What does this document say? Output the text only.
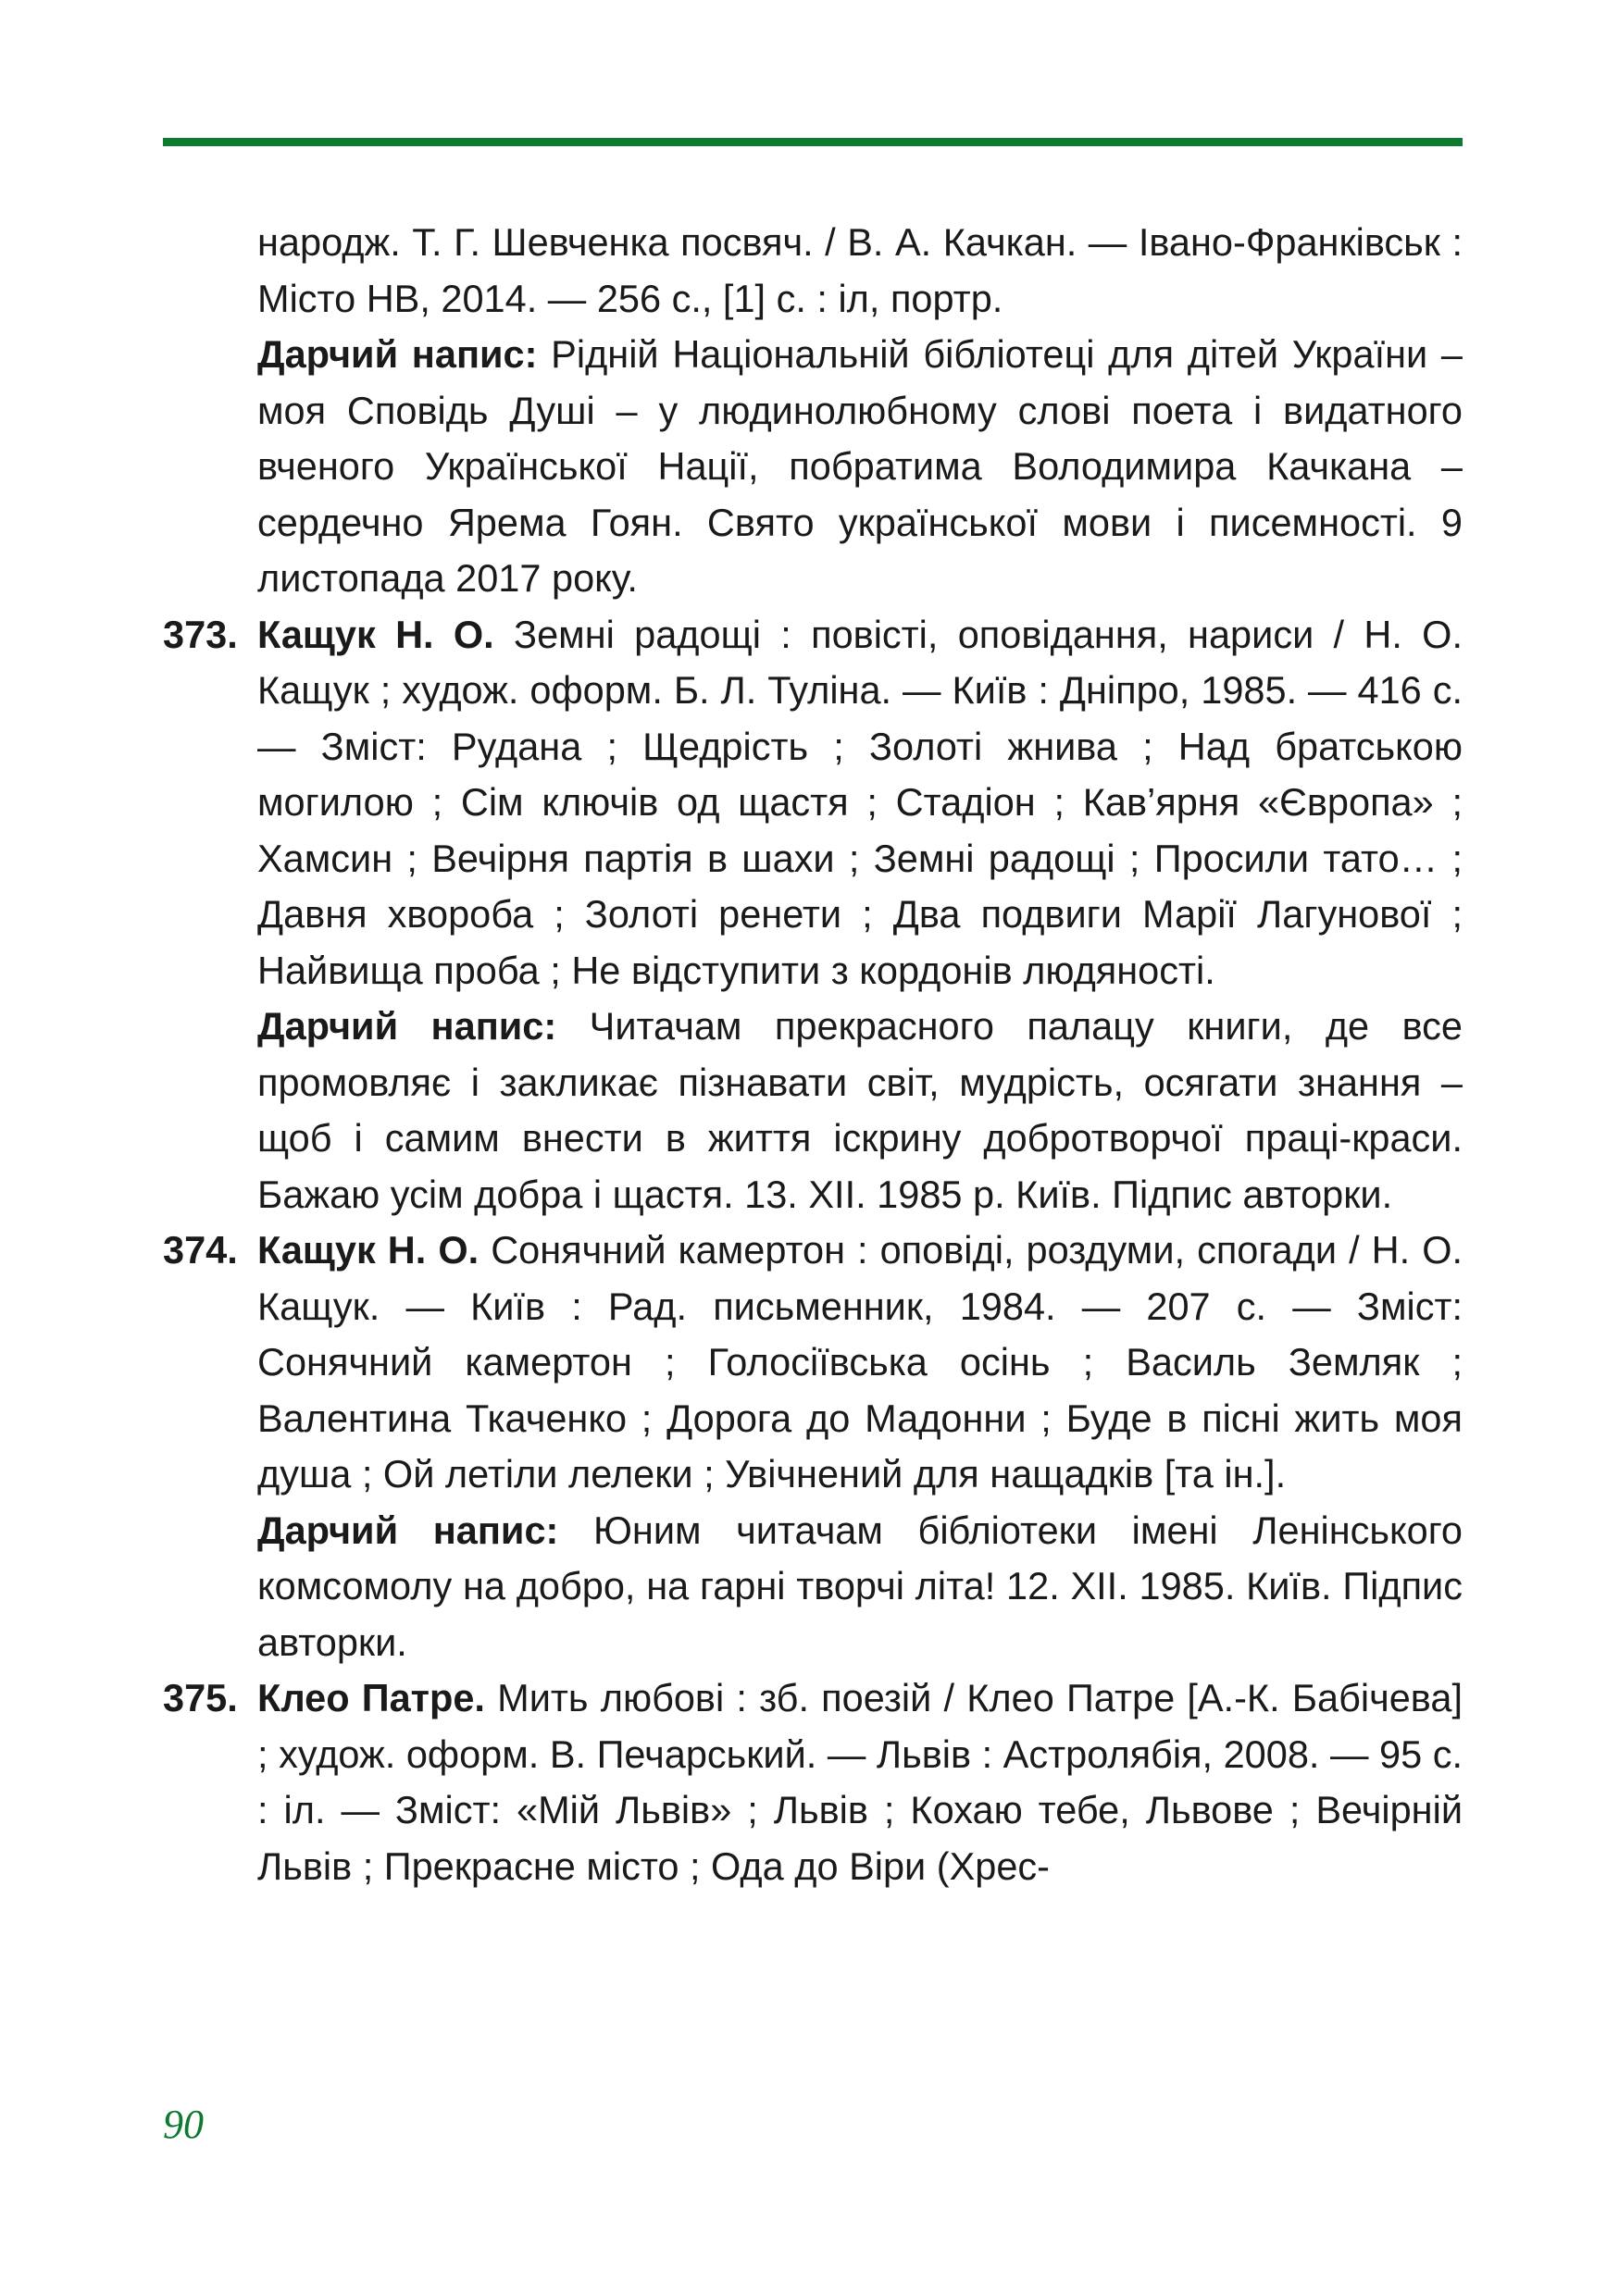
народж. Т. Г. Шевченка посвяч. / В. А. Качкан. — Івано-Франківськ : Місто НВ, 2014. — 256 с., [1] с. : іл, портр.

Дарчий напис: Рідній Національній бібліотеці для дітей України – моя Сповідь Душі – у людинолюбному слові поета і видатного вченого Української Нації, побратима Володимира Качкана – сердечно Ярема Гоян. Свято української мови і писемності. 9 листопада 2017 року.

373. Кащук Н. О. Земні радощі : повісті, оповідання, нариси / Н. О. Кащук ; худож. оформ. Б. Л. Туліна. — Київ : Дніпро, 1985. — 416 с. — Зміст: Рудана ; Щедрість ; Золоті жнива ; Над братською могилою ; Сім ключів од щастя ; Стадіон ; Кав’ярня «Європа» ; Хамсин ; Вечірня партія в шахи ; Земні радощі ; Просили тато… ; Давня хвороба ; Золоті ренети ; Два подвиги Марії Лагунової ; Найвища проба ; Не відступити з кордонів людяності.

Дарчий напис: Читачам прекрасного палацу книги, де все промовляє і закликає пізнавати світ, мудрість, осягати знання – щоб і самим внести в життя іскрину добротворчої праці-краси. Бажаю усім добра і щастя. 13. ХІІ. 1985 р. Київ. Підпис авторки.

374. Кащук Н. О. Сонячний камертон : оповіді, роздуми, спогади / Н. О. Кащук. — Київ : Рад. письменник, 1984. — 207 с. — Зміст: Сонячний камертон ; Голосіївська осінь ; Василь Земляк ; Валентина Ткаченко ; Дорога до Мадонни ; Буде в пісні жить моя душа ; Ой летіли лелеки ; Увічнений для нащадків [та ін.].

Дарчий напис: Юним читачам бібліотеки імені Ленінського комсомолу на добро, на гарні творчі літа! 12. ХІІ. 1985. Київ. Підпис авторки.

375. Клео Патре. Мить любові : зб. поезій / Клео Патре [А.-К. Бабічева] ; худож. оформ. В. Печарський. — Львів : Астролябія, 2008. — 95 с. : іл. — Зміст: «Мій Львів» ; Львів ; Кохаю тебе, Львове ; Вечірній Львів ; Прекрасне місто ; Ода до Віри (Хрес-
90
